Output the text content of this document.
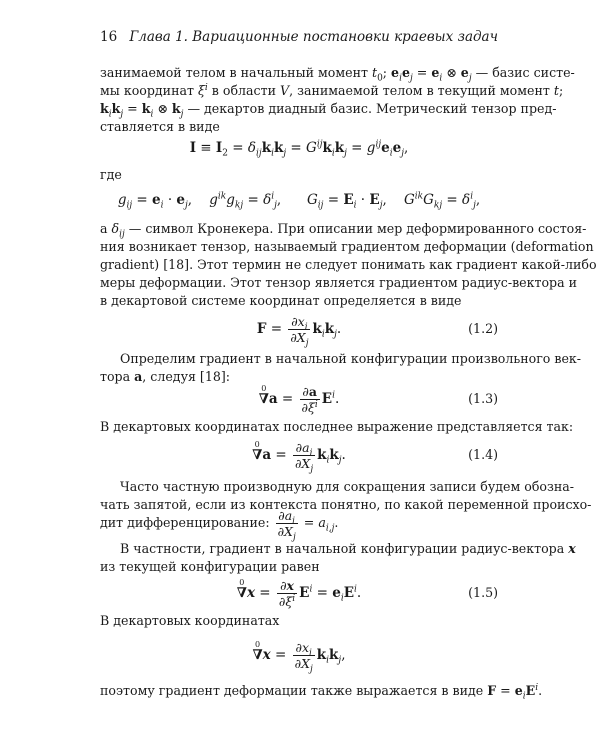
16 Глава 1. Вариационные постановки краевых задач
занимаемой телом в начальный момент $t_0$; $e_ie_j = e_i$ ⊗ $e_j$ — базис систе-
мы координат $\xi^i$ в области V, занимаемой телом в текущий момент t;
$k_ik_j = k_i$ ⊗ $k_j$ — декартов диадный базис. Метрический тензор пред-
ставляется в виде
$I \equiv I_2 = \delta_{ij}k_ik_j = G^{ij}k_ik_j = g^{ij}e_ie_j$,
где
$g_{ij} = e_i \cdot e_j$,    $g^{ik}g_{kj} = \delta^i_j$,      $G_{ij} = E_i \cdot E_j$,    $G^{ik}G_{kj} = \delta^i_j$,
а $\delta_{ij}$ — символ Кронекера. При описании мер деформированного состоя-
ния возникает тензор, называемый градиентом деформации (deformation
gradient) [18]. Этот термин не следует понимать как градиент какой-либо
меры деформации. Этот тензор является градиентом радиус-вектора и
в декартовой системе координат определяется в виде
$F = \frac{\partial x_i}{\partial X_j} k_ik_j$.	(1.2)
Определим градиент в начальной конфигурации произвольного век-
тора a, следуя [18]:
0
$\nabla a = \frac{\partial a}{\partial\xi^i} E^i$.	(1.3)
В декартовых координатах последнее выражение представляется так:
0
$\nabla a = \frac{\partial a_i}{\partial X_j} k_ik_j$.	(1.4)
Часто частную производную для сокращения записи будем обозна-
чать запятой, если из контекста понятно, по какой переменной происхо-
дит дифференцирование: $\frac{\partial a_i}{\partial X_j} = a_{i,j}$.
В частности, градиент в начальной конфигурации радиус-вектора x
из текущей конфигурации равен
0
$\nabla x = \frac{\partial x}{\partial\xi^i} E^i = e_iE^i$.	(1.5)
В декартовых координатах
0
$\nabla x = \frac{\partial x_i}{\partial X_j} k_ik_j$,
поэтому градиент деформации также выражается в виде $F = e_iE^i$.
